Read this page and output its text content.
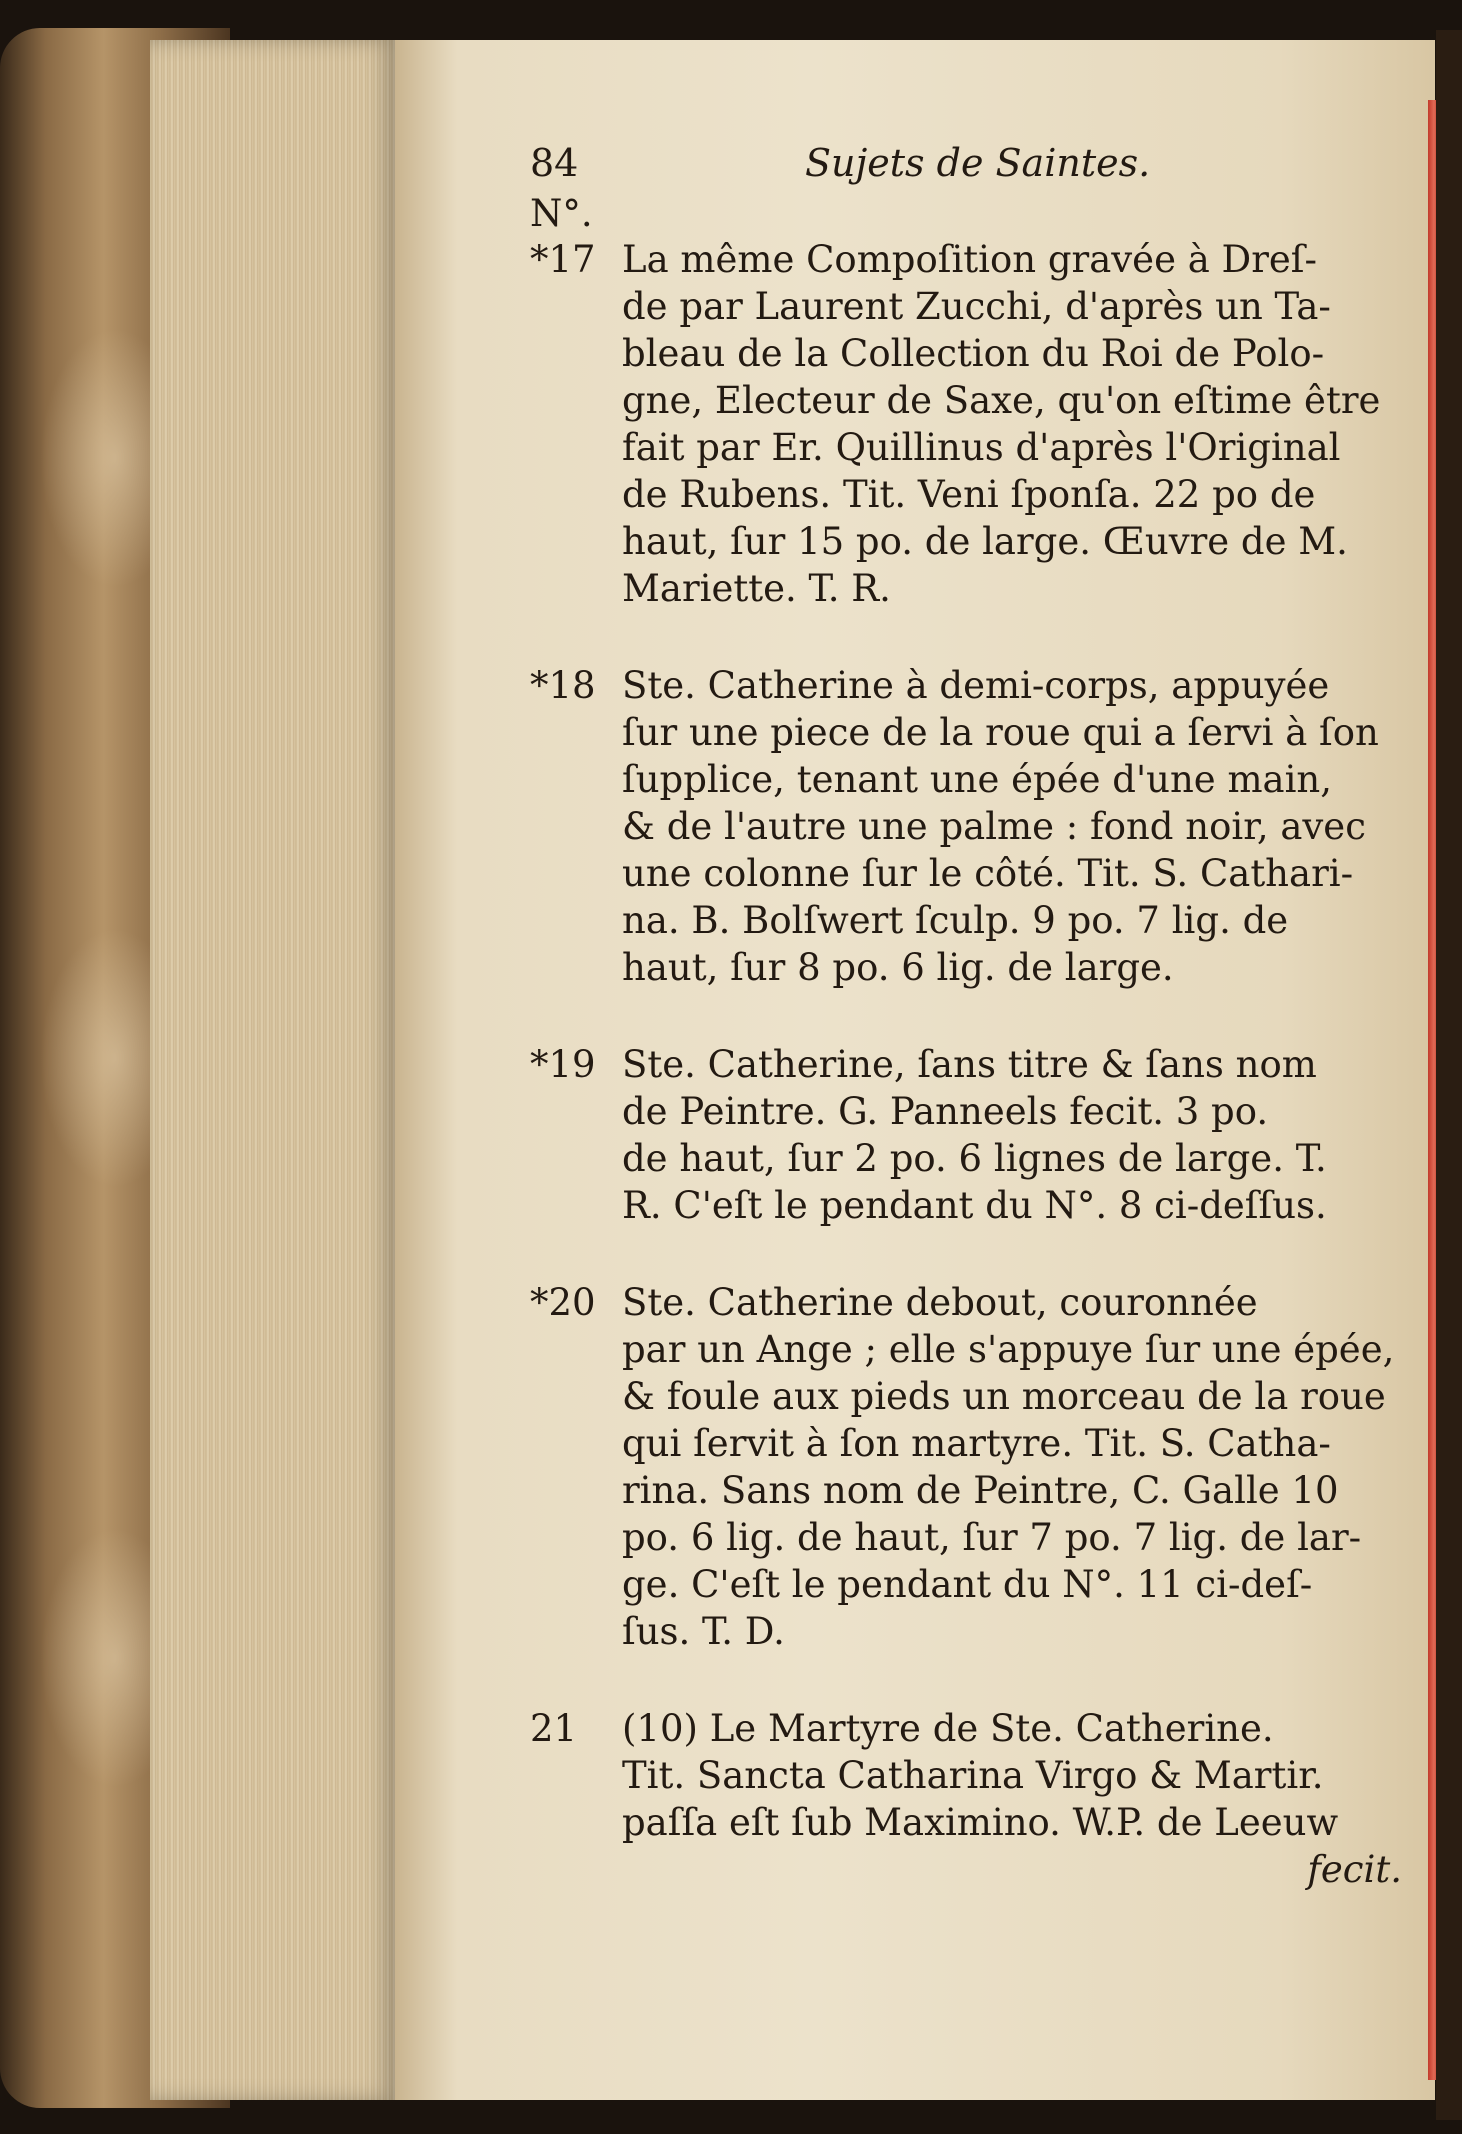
84	Sujets de Saintes.
N°.
*17 La même Compoſition gravée à Dreſ-
de par Laurent Zucchi, d'après un Ta-
bleau de la Collection du Roi de Polo-
gne, Electeur de Saxe, qu'on eſtime être
fait par Er. Quillinus d'après l'Original
de Rubens. Tit. Veni ſponſa. 22 po de
haut, ſur 15 po. de large. Œuvre de M.
Mariette. T. R.
*18 Ste. Catherine à demi-corps, appuyée
ſur une piece de la roue qui a ſervi à ſon
ſupplice, tenant une épée d'une main,
& de l'autre une palme : fond noir, avec
une colonne ſur le côté. Tit. S. Cathari-
na. B. Bolſwert ſculp. 9 po. 7 lig. de
haut, ſur 8 po. 6 lig. de large.
*19 Ste. Catherine, ſans titre & ſans nom
de Peintre. G. Panneels fecit. 3 po.
de haut, ſur 2 po. 6 lignes de large. T.
R. C'eſt le pendant du N°. 8 ci-deſſus.
*20 Ste. Catherine debout, couronnée
par un Ange ; elle s'appuye ſur une épée,
& foule aux pieds un morceau de la roue
qui ſervit à ſon martyre. Tit. S. Catha-
rina. Sans nom de Peintre, C. Galle 10
po. 6 lig. de haut, ſur 7 po. 7 lig. de lar-
ge. C'eſt le pendant du N°. 11 ci-deſ-
ſus. T. D.
21 (10) Le Martyre de Ste. Catherine.
Tit. Sancta Catharina Virgo & Martir.
paſſa eſt ſub Maximino. W.P. de Leeuw
fecit.
